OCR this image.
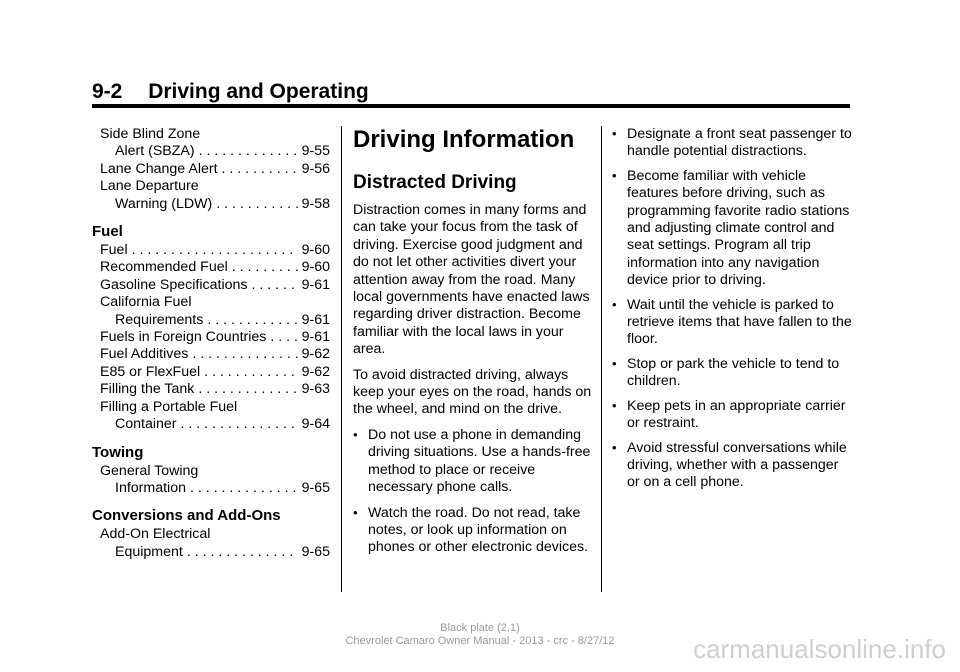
9-2 Driving and Operating
Side Blind Zone
Alert (SBZA) . . .	9-55
Lane Change Alert . . .	9-56
Lane Departure
Warning (LDW) . . .	9-58
Fuel
Fuel . . .	9-60
Recommended Fuel . . .	9-60
Gasoline Specifications . . .	9-61
California Fuel
Requirements . . .	9-61
Fuels in Foreign Countries . . . 9-61
Fuel Additives . . .	9-62
E85 or FlexFuel . . .	9-62
Filling the Tank . . .	9-63
Filling a Portable Fuel
Container . . .	9-64
Towing
General Towing
Information . . .	9-65
Conversions and Add-Ons
Add-On Electrical
Equipment . . .	9-65
Driving Information
Distracted Driving

Distraction comes in many forms and can take your focus from the task of driving. Exercise good judgment and do not let other activities divert your attention away from the road. Many local governments have enacted laws regarding driver distraction. Become familiar with the local laws in your area.

To avoid distracted driving, always keep your eyes on the road, hands on the wheel, and mind on the drive.

• Do not use a phone in demanding driving situations. Use a hands-free method to place or receive necessary phone calls.
• Watch the road. Do not read, take notes, or look up information on phones or other electronic devices.
• Designate a front seat passenger to handle potential distractions.
• Become familiar with vehicle features before driving, such as programming favorite radio stations and adjusting climate control and seat settings. Program all trip information into any navigation device prior to driving.
• Wait until the vehicle is parked to retrieve items that have fallen to the floor.
• Stop or park the vehicle to tend to children.
• Keep pets in an appropriate carrier or restraint.
• Avoid stressful conversations while driving, whether with a passenger or on a cell phone.
Black plate (2,1)
Chevrolet Camaro Owner Manual - 2013 - crc - 8/27/12	carmanualsonline.info
